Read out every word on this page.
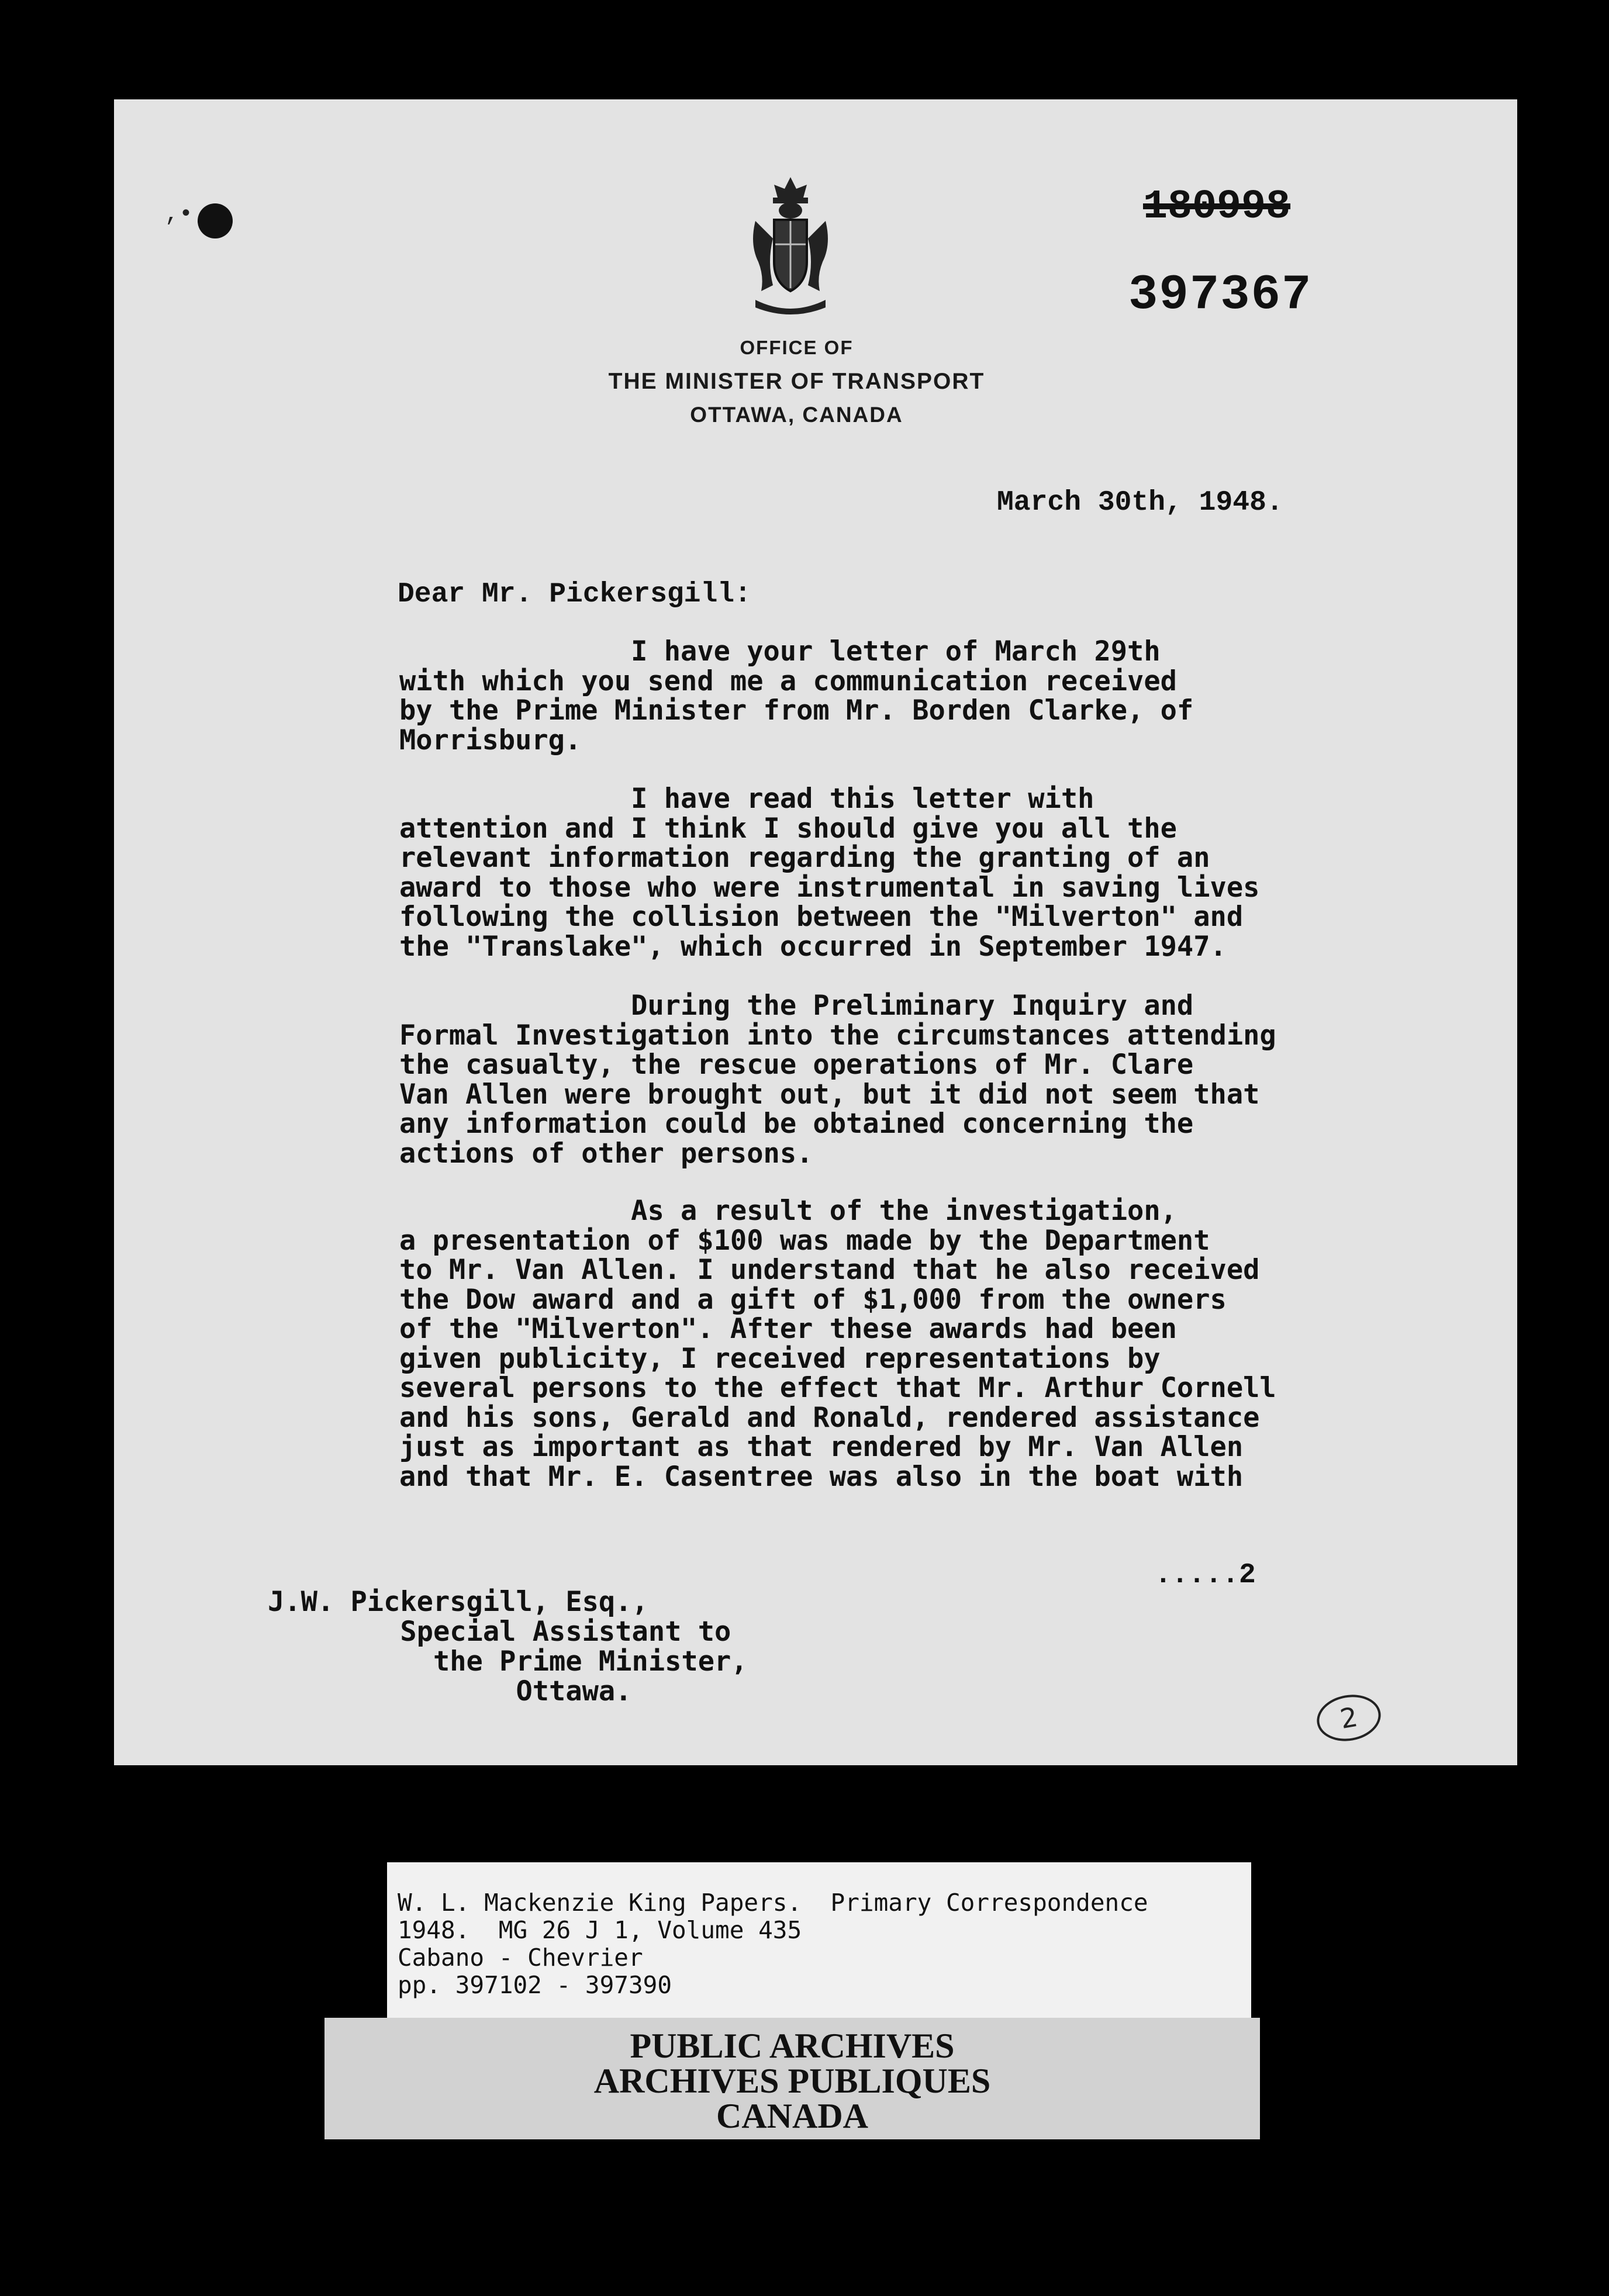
,•
OFFICE OF
THE MINISTER OF TRANSPORT
OTTAWA, CANADA
180998
397367
March 30th, 1948.
Dear Mr. Pickersgill:
I have your letter of March 29th
with which you send me a communication received
by the Prime Minister from Mr. Borden Clarke, of
Morrisburg.
I have read this letter with
attention and I think I should give you all the
relevant information regarding the granting of an
award to those who were instrumental in saving lives
following the collision between the "Milverton" and
the "Translake", which occurred in September 1947.
During the Preliminary Inquiry and
Formal Investigation into the circumstances attending
the casualty, the rescue operations of Mr. Clare
Van Allen were brought out, but it did not seem that
any information could be obtained concerning the
actions of other persons.
As a result of the investigation,
a presentation of $100 was made by the Department
to Mr. Van Allen. I understand that he also received
the Dow award and a gift of $1,000 from the owners
of the "Milverton". After these awards had been
given publicity, I received representations by
several persons to the effect that Mr. Arthur Cornell
and his sons, Gerald and Ronald, rendered assistance
just as important as that rendered by Mr. Van Allen
and that Mr. E. Casentree was also in the boat with
.....2
J.W. Pickersgill, Esq.,
Special Assistant to
the Prime Minister,
Ottawa.
2
W. L. Mackenzie King Papers.  Primary Correspondence
1948.  MG 26 J 1, Volume 435
Cabano - Chevrier
pp. 397102 - 397390
PUBLIC ARCHIVES
ARCHIVES PUBLIQUES
CANADA
